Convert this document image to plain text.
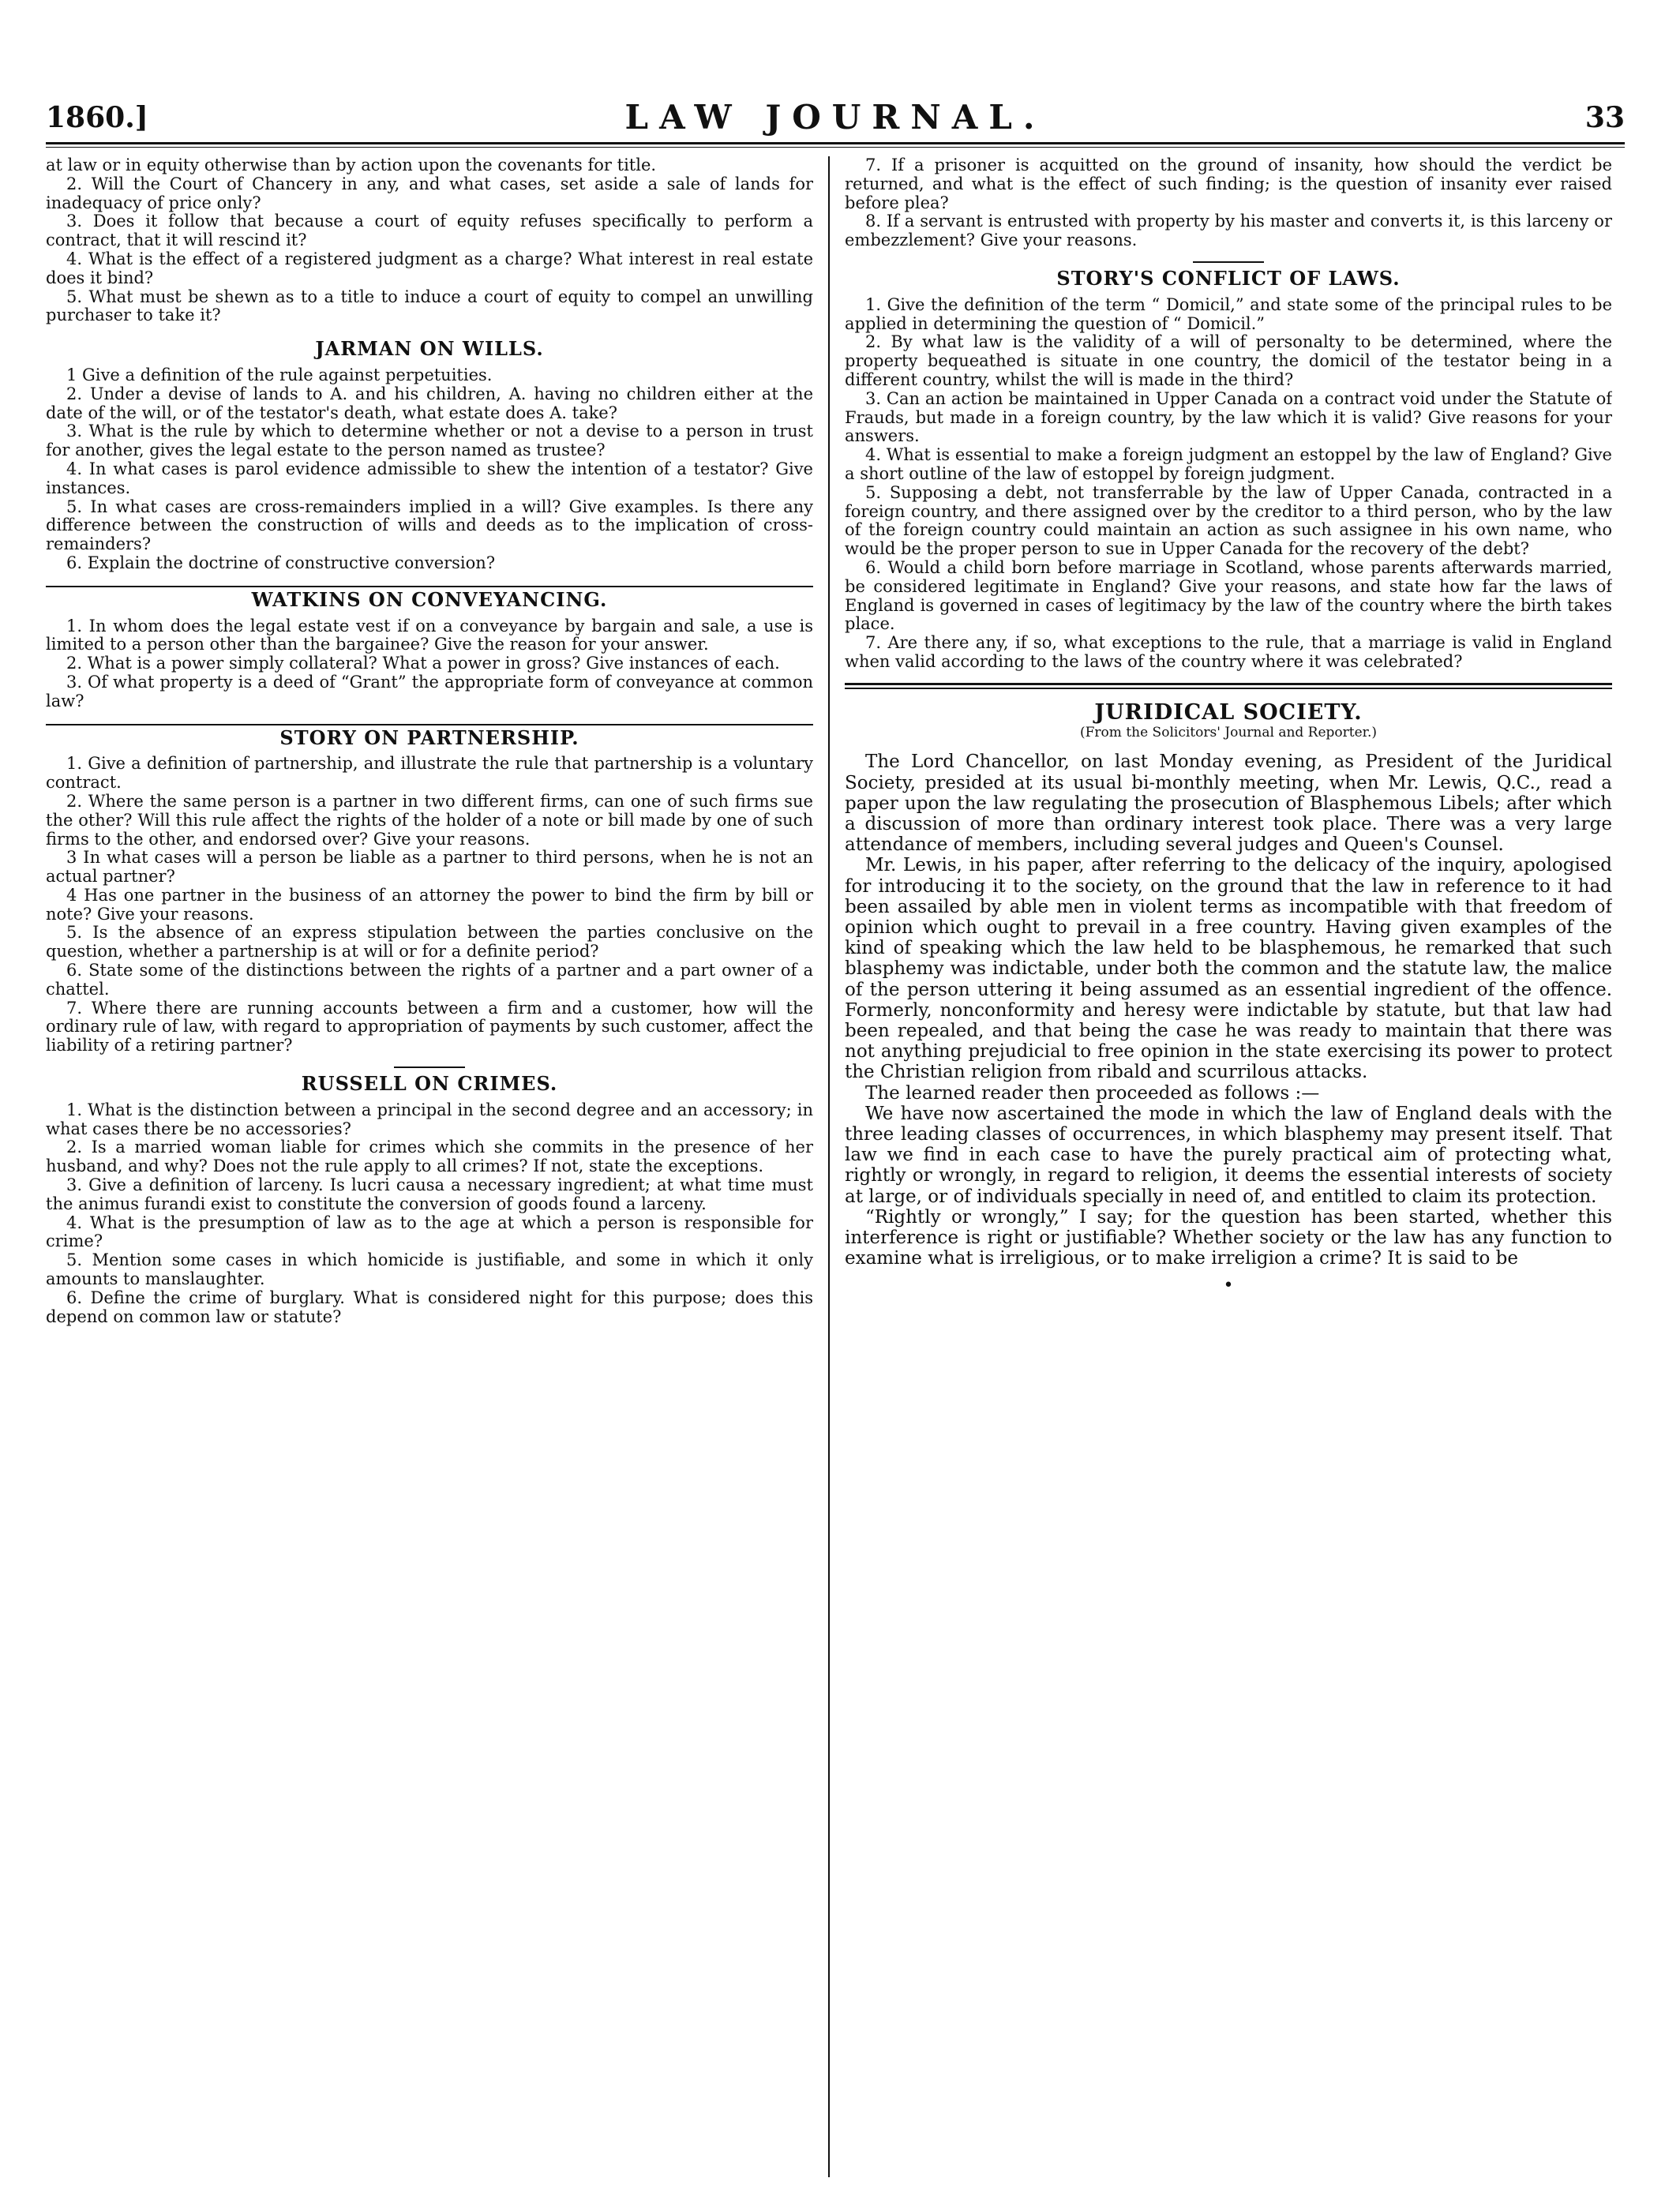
1860.]	LAW JOURNAL.	33

at law or in equity otherwise than by action upon the covenants for title.

2. Will the Court of Chancery in any, and what cases, set aside a sale of lands for inadequacy of price only?

3. Does it follow that because a court of equity refuses specifically to perform a contract, that it will rescind it?

4. What is the effect of a registered judgment as a charge? What interest in real estate does it bind?

5. What must be shewn as to a title to induce a court of equity to compel an unwilling purchaser to take it?

JARMAN ON WILLS.

1 Give a definition of the rule against perpetuities.

2. Under a devise of lands to A. and his children, A. having no children either at the date of the will, or of the testator's death, what estate does A. take?

3. What is the rule by which to determine whether or not a devise to a person in trust for another, gives the legal estate to the person named as trustee?

4. In what cases is parol evidence admissible to shew the intention of a testator? Give instances.

5. In what cases are cross-remainders implied in a will? Give examples. Is there any difference between the construction of wills and deeds as to the implication of cross-remainders?

6. Explain the doctrine of constructive conversion?

WATKINS ON CONVEYANCING.

1. In whom does the legal estate vest if on a conveyance by bargain and sale, a use is limited to a person other than the bargainee? Give the reason for your answer.

2. What is a power simply collateral? What a power in gross? Give instances of each.

3. Of what property is a deed of “Grant” the appropriate form of conveyance at common law?

STORY ON PARTNERSHIP.

1. Give a definition of partnership, and illustrate the rule that partnership is a voluntary contract.

2. Where the same person is a partner in two different firms, can one of such firms sue the other? Will this rule affect the rights of the holder of a note or bill made by one of such firms to the other, and endorsed over? Give your reasons.

3 In what cases will a person be liable as a partner to third persons, when he is not an actual partner?

4 Has one partner in the business of an attorney the power to bind the firm by bill or note? Give your reasons.

5. Is the absence of an express stipulation between the parties conclusive on the question, whether a partnership is at will or for a definite period?

6. State some of the distinctions between the rights of a partner and a part owner of a chattel.

7. Where there are running accounts between a firm and a customer, how will the ordinary rule of law, with regard to appropriation of payments by such customer, affect the liability of a retiring partner?

RUSSELL ON CRIMES.

1. What is the distinction between a principal in the second degree and an accessory; in what cases there be no accessories?

2. Is a married woman liable for crimes which she commits in the presence of her husband, and why? Does not the rule apply to all crimes? If not, state the exceptions.

3. Give a definition of larceny. Is lucri causa a necessary ingredient; at what time must the animus furandi exist to constitute the conversion of goods found a larceny.

4. What is the presumption of law as to the age at which a person is responsible for crime?

5. Mention some cases in which homicide is justifiable, and some in which it only amounts to manslaughter.

6. Define the crime of burglary. What is considered night for this purpose; does this depend on common law or statute?

7. If a prisoner is acquitted on the ground of insanity, how should the verdict be returned, and what is the effect of such finding; is the question of insanity ever raised before plea?

8. If a servant is entrusted with property by his master and converts it, is this larceny or embezzlement? Give your reasons.

STORY'S CONFLICT OF LAWS.

1. Give the definition of the term “ Domicil,” and state some of the principal rules to be applied in determining the question of “ Domicil.”

2. By what law is the validity of a will of personalty to be determined, where the property bequeathed is situate in one country, the domicil of the testator being in a different country, whilst the will is made in the third?

3. Can an action be maintained in Upper Canada on a contract void under the Statute of Frauds, but made in a foreign country, by the law which it is valid? Give reasons for your answers.

4. What is essential to make a foreign judgment an estoppel by the law of England? Give a short outline of the law of estoppel by foreign judgment.

5. Supposing a debt, not transferrable by the law of Upper Canada, contracted in a foreign country, and there assigned over by the creditor to a third person, who by the law of the foreign country could maintain an action as such assignee in his own name, who would be the proper person to sue in Upper Canada for the recovery of the debt?

6. Would a child born before marriage in Scotland, whose parents afterwards married, be considered legitimate in England? Give your reasons, and state how far the laws of England is governed in cases of legitimacy by the law of the country where the birth takes place.

7. Are there any, if so, what exceptions to the rule, that a marriage is valid in England when valid according to the laws of the country where it was celebrated?

JURIDICAL SOCIETY.
(From the Solicitors' Journal and Reporter.)

The Lord Chancellor, on last Monday evening, as President of the Juridical Society, presided at its usual bi-monthly meeting, when Mr. Lewis, Q.C., read a paper upon the law regulating the prosecution of Blasphemous Libels; after which a discussion of more than ordinary interest took place. There was a very large attendance of members, including several judges and Queen's Counsel.

Mr. Lewis, in his paper, after referring to the delicacy of the inquiry, apologised for introducing it to the society, on the ground that the law in reference to it had been assailed by able men in violent terms as incompatible with that freedom of opinion which ought to prevail in a free country. Having given examples of the kind of speaking which the law held to be blasphemous, he remarked that such blasphemy was indictable, under both the common and the statute law, the malice of the person uttering it being assumed as an essential ingredient of the offence. Formerly, nonconformity and heresy were indictable by statute, but that law had been repealed, and that being the case he was ready to maintain that there was not anything prejudicial to free opinion in the state exercising its power to protect the Christian religion from ribald and scurrilous attacks.

The learned reader then proceeded as follows :—

We have now ascertained the mode in which the law of England deals with the three leading classes of occurrences, in which blasphemy may present itself. That law we find in each case to have the purely practical aim of protecting what, rightly or wrongly, in regard to religion, it deems the essential interests of society at large, or of individuals specially in need of, and entitled to claim its protection.

“Rightly or wrongly,” I say; for the question has been started, whether this interference is right or justifiable? Whether society or the law has any function to examine what is irreligious, or to make irreligion a crime? It is said to be

•
